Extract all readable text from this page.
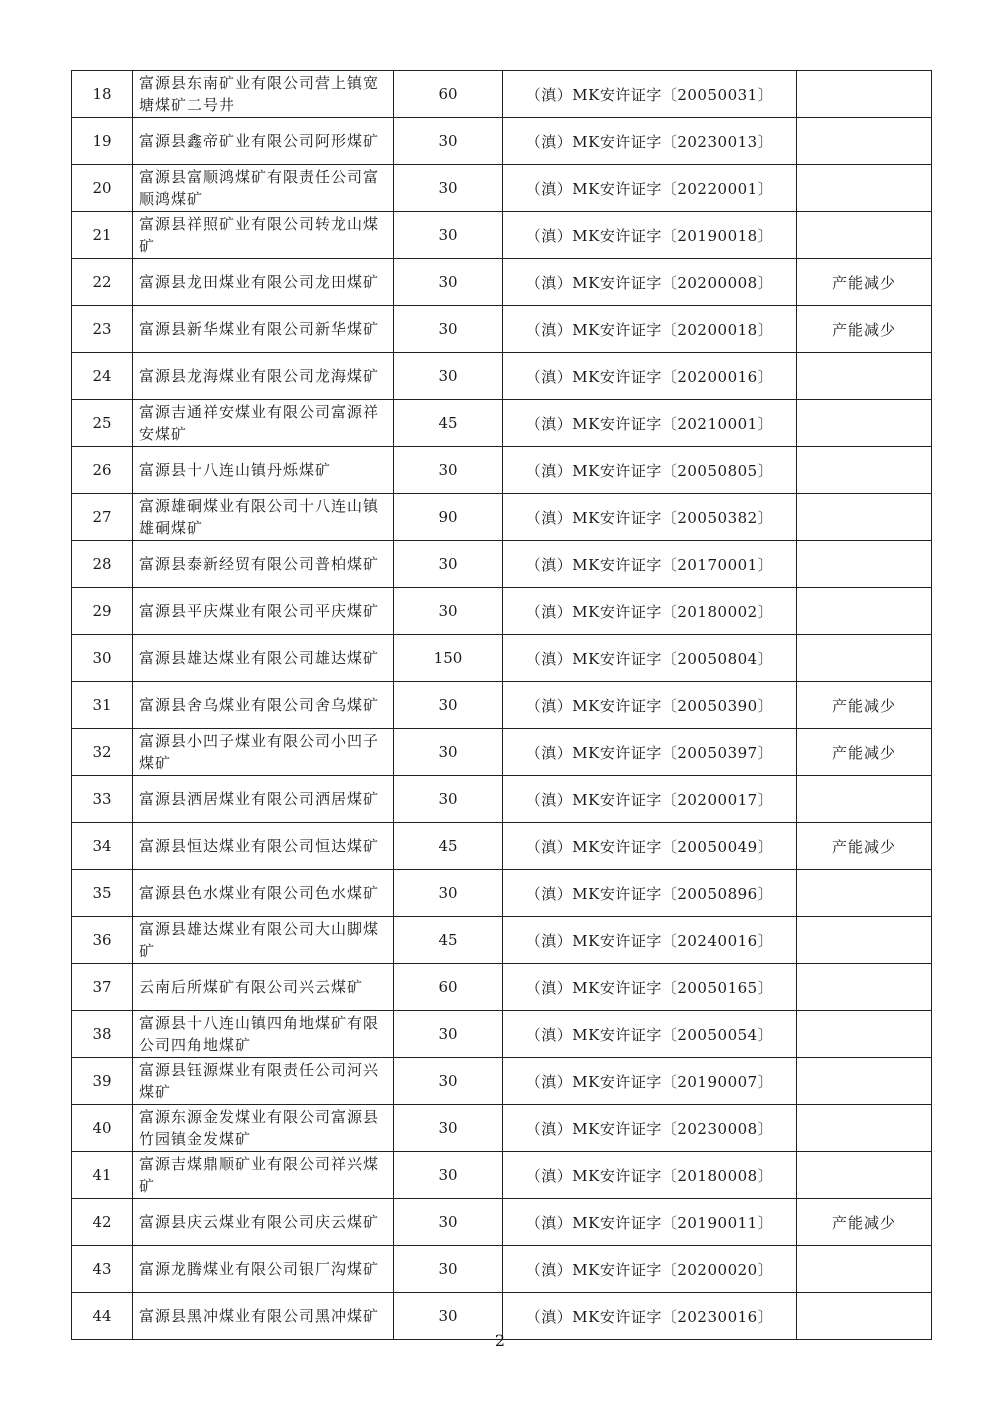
18	富源县东南矿业有限公司营上镇宽塘煤矿二号井	60	（滇）MK安许证字〔20050031〕	
19	富源县鑫帝矿业有限公司阿形煤矿	30	（滇）MK安许证字〔20230013〕	
20	富源县富顺鸿煤矿有限责任公司富顺鸿煤矿	30	（滇）MK安许证字〔20220001〕	
21	富源县祥照矿业有限公司转龙山煤矿	30	（滇）MK安许证字〔20190018〕	
22	富源县龙田煤业有限公司龙田煤矿	30	（滇）MK安许证字〔20200008〕	产能减少
23	富源县新华煤业有限公司新华煤矿	30	（滇）MK安许证字〔20200018〕	产能减少
24	富源县龙海煤业有限公司龙海煤矿	30	（滇）MK安许证字〔20200016〕	
25	富源吉通祥安煤业有限公司富源祥安煤矿	45	（滇）MK安许证字〔20210001〕	
26	富源县十八连山镇丹烁煤矿	30	（滇）MK安许证字〔20050805〕	
27	富源雄硐煤业有限公司十八连山镇雄硐煤矿	90	（滇）MK安许证字〔20050382〕	
28	富源县泰新经贸有限公司普柏煤矿	30	（滇）MK安许证字〔20170001〕	
29	富源县平庆煤业有限公司平庆煤矿	30	（滇）MK安许证字〔20180002〕	
30	富源县雄达煤业有限公司雄达煤矿	150	（滇）MK安许证字〔20050804〕	
31	富源县舍乌煤业有限公司舍乌煤矿	30	（滇）MK安许证字〔20050390〕	产能减少
32	富源县小凹子煤业有限公司小凹子煤矿	30	（滇）MK安许证字〔20050397〕	产能减少
33	富源县洒居煤业有限公司洒居煤矿	30	（滇）MK安许证字〔20200017〕	
34	富源县恒达煤业有限公司恒达煤矿	45	（滇）MK安许证字〔20050049〕	产能减少
35	富源县色水煤业有限公司色水煤矿	30	（滇）MK安许证字〔20050896〕	
36	富源县雄达煤业有限公司大山脚煤矿	45	（滇）MK安许证字〔20240016〕	
37	云南后所煤矿有限公司兴云煤矿	60	（滇）MK安许证字〔20050165〕	
38	富源县十八连山镇四角地煤矿有限公司四角地煤矿	30	（滇）MK安许证字〔20050054〕	
39	富源县钰源煤业有限责任公司河兴煤矿	30	（滇）MK安许证字〔20190007〕	
40	富源东源金发煤业有限公司富源县竹园镇金发煤矿	30	（滇）MK安许证字〔20230008〕	
41	富源吉煤鼎顺矿业有限公司祥兴煤矿	30	（滇）MK安许证字〔20180008〕	
42	富源县庆云煤业有限公司庆云煤矿	30	（滇）MK安许证字〔20190011〕	产能减少
43	富源龙腾煤业有限公司银厂沟煤矿	30	（滇）MK安许证字〔20200020〕	
44	富源县黑冲煤业有限公司黑冲煤矿	30	（滇）MK安许证字〔20230016〕	
2
